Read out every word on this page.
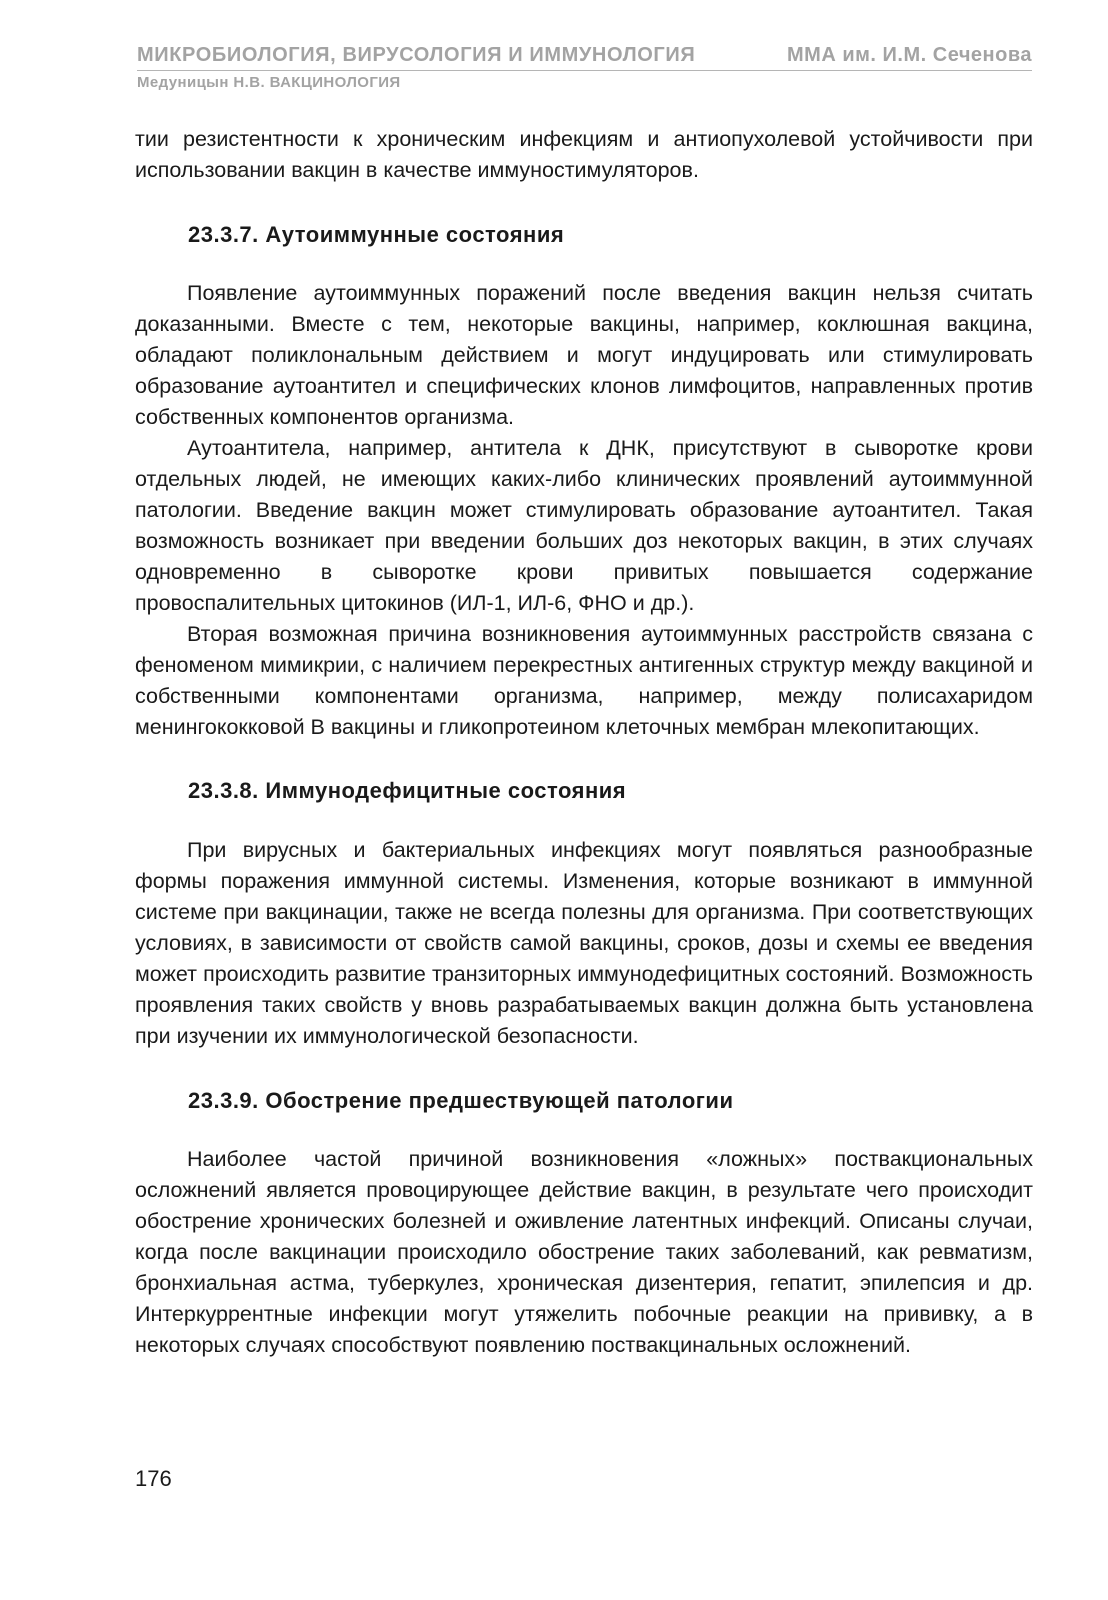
МИКРОБИОЛОГИЯ, ВИРУСОЛОГИЯ И ИММУНОЛОГИЯ	ММА им. И.М. Сеченова
Медуницын Н.В. ВАКЦИНОЛОГИЯ

тии резистентности к хроническим инфекциям и антиопухолевой устойчивости при использовании вакцин в качестве иммуностимуляторов.

23.3.7. Аутоиммунные состояния

Появление аутоиммунных поражений после введения вакцин нельзя считать доказанными. Вместе с тем, некоторые вакцины, например, коклюшная вакцина, обладают поликлональным действием и могут индуцировать или стимулировать образование аутоантител и специфических клонов лимфоцитов, направленных против собственных компонентов организма.

Аутоантитела, например, антитела к ДНК, присутствуют в сыворотке крови отдельных людей, не имеющих каких-либо клинических проявлений аутоиммунной патологии. Введение вакцин может стимулировать образование аутоантител. Такая возможность возникает при введении больших доз некоторых вакцин, в этих случаях одновременно в сыворотке крови привитых повышается содержание провоспалительных цитокинов (ИЛ-1, ИЛ-6, ФНО и др.).

Вторая возможная причина возникновения аутоиммунных расстройств связана с феноменом мимикрии, с наличием перекрестных антигенных структур между вакциной и собственными компонентами организма, например, между полисахаридом менингококковой В вакцины и гликопротеином клеточных мембран млекопитающих.

23.3.8. Иммунодефицитные состояния

При вирусных и бактериальных инфекциях могут появляться разнообразные формы поражения иммунной системы. Изменения, которые возникают в иммунной системе при вакцинации, также не всегда полезны для организма. При соответствующих условиях, в зависимости от свойств самой вакцины, сроков, дозы и схемы ее введения может происходить развитие транзиторных иммунодефицитных состояний. Возможность проявления таких свойств у вновь разрабатываемых вакцин должна быть установлена при изучении их иммунологической безопасности.

23.3.9. Обострение предшествующей патологии

Наиболее частой причиной возникновения «ложных» поствакциональных осложнений является провоцирующее действие вакцин, в результате чего происходит обострение хронических болезней и оживление латентных инфекций. Описаны случаи, когда после вакцинации происходило обострение таких заболеваний, как ревматизм, бронхиальная астма, туберкулез, хроническая дизентерия, гепатит, эпилепсия и др. Интеркуррентные инфекции могут утяжелить побочные реакции на прививку, а в некоторых случаях способствуют появлению поствакцинальных осложнений.

176
